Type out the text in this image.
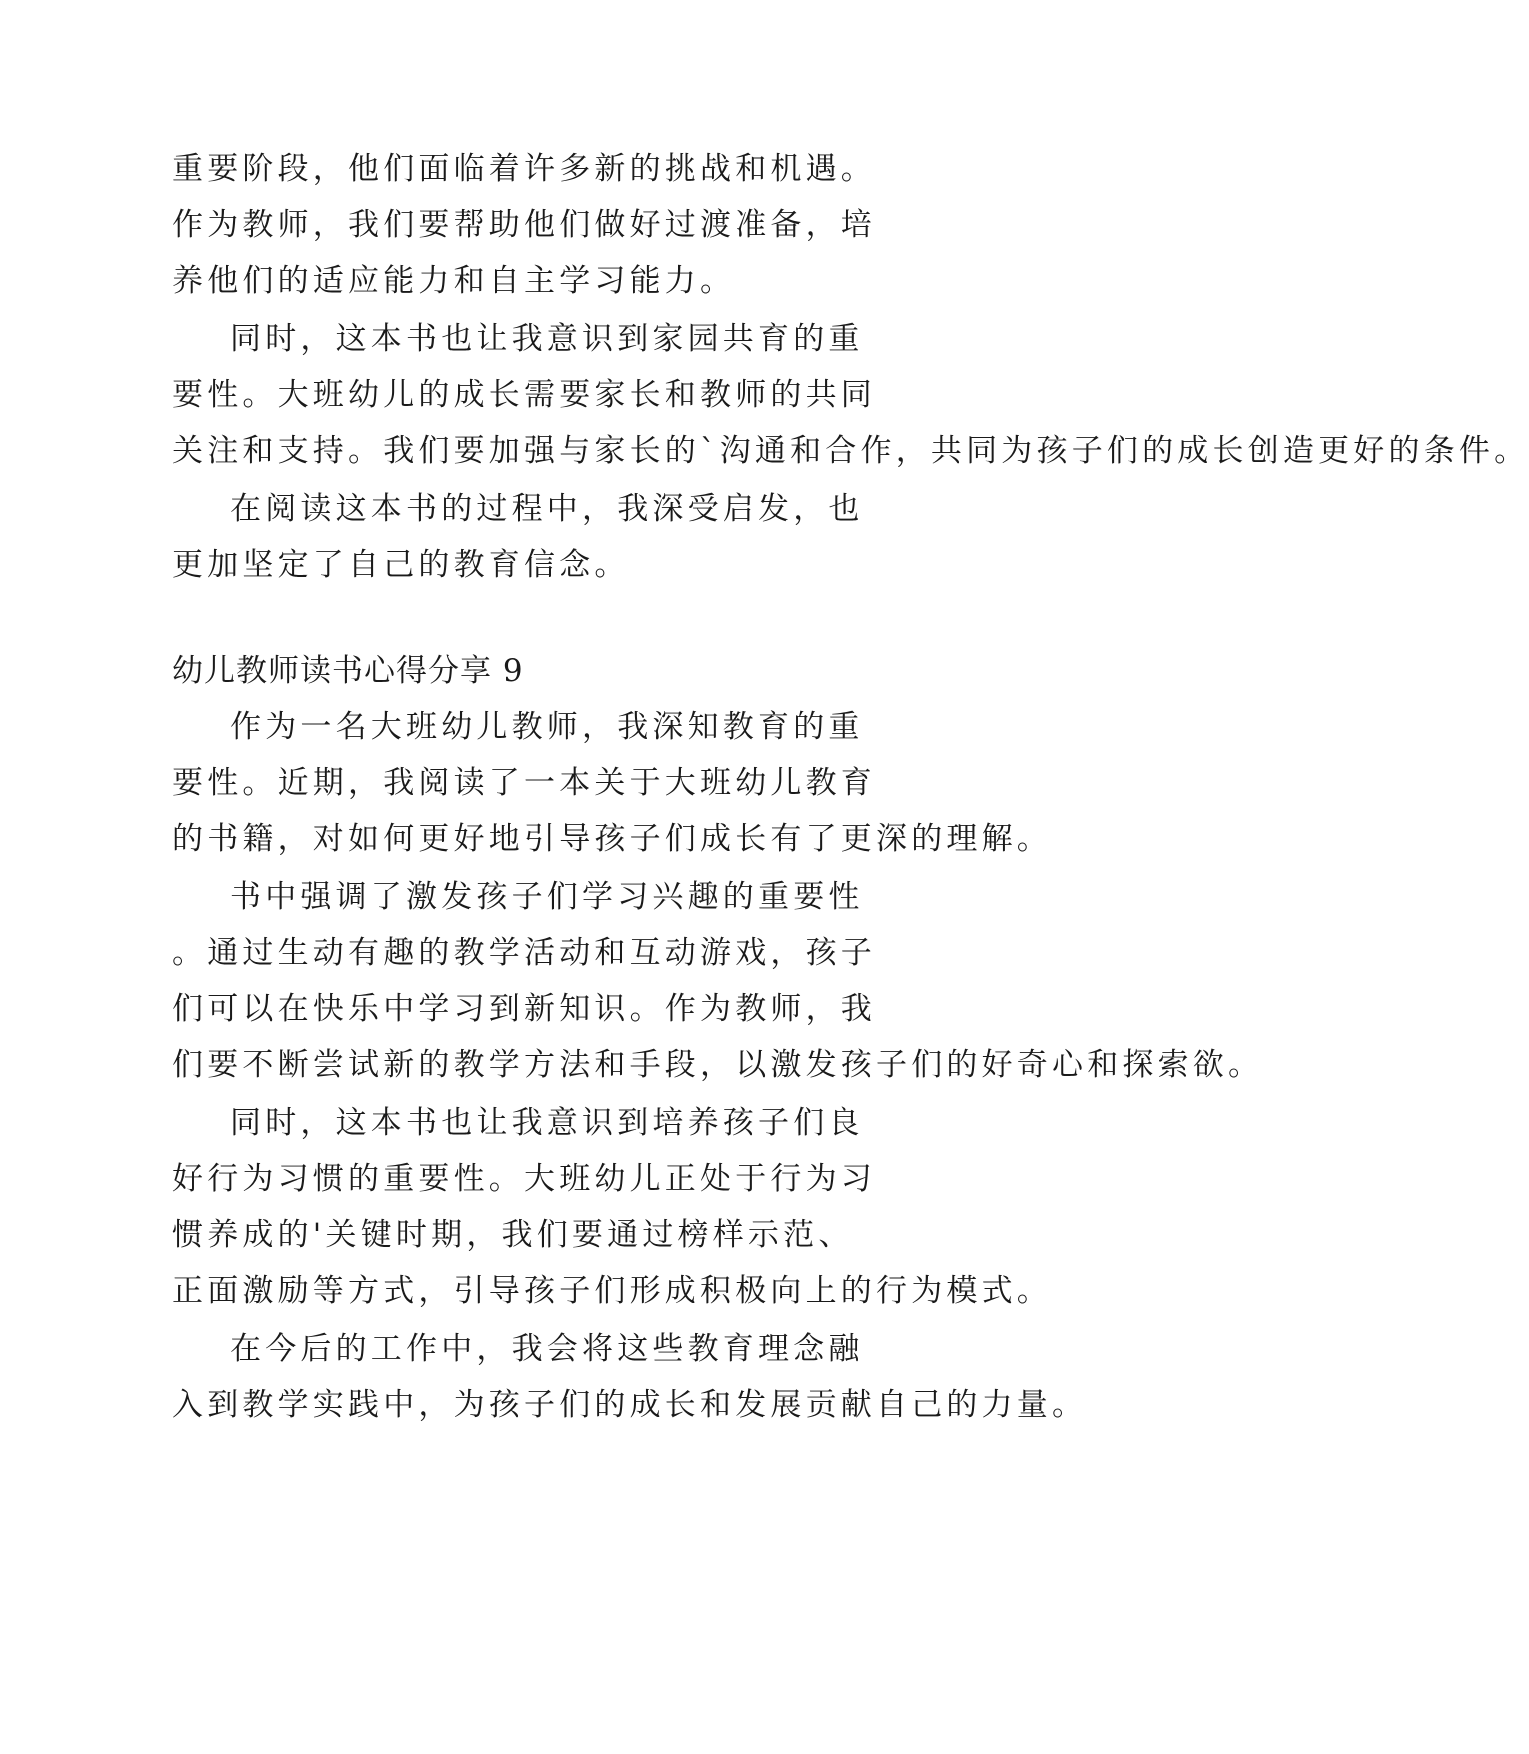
重要阶段，他们面临着许多新的挑战和机遇。

作为教师，我们要帮助他们做好过渡准备，培

养他们的适应能力和自主学习能力。

同时，这本书也让我意识到家园共育的重

要性。大班幼儿的成长需要家长和教师的共同

关注和支持。我们要加强与家长的`沟通和合作，共同为孩子们的成长创造更好的条件。

在阅读这本书的过程中，我深受启发，也

更加坚定了自己的教育信念。

幼儿教师读书心得分享 9

作为一名大班幼儿教师，我深知教育的重

要性。近期，我阅读了一本关于大班幼儿教育

的书籍，对如何更好地引导孩子们成长有了更深的理解。

书中强调了激发孩子们学习兴趣的重要性

。通过生动有趣的教学活动和互动游戏，孩子

们可以在快乐中学习到新知识。作为教师，我

们要不断尝试新的教学方法和手段，以激发孩子们的好奇心和探索欲。

同时，这本书也让我意识到培养孩子们良

好行为习惯的重要性。大班幼儿正处于行为习

惯养成的'关键时期，我们要通过榜样示范、

正面激励等方式，引导孩子们形成积极向上的行为模式。

在今后的工作中，我会将这些教育理念融

入到教学实践中，为孩子们的成长和发展贡献自己的力量。
